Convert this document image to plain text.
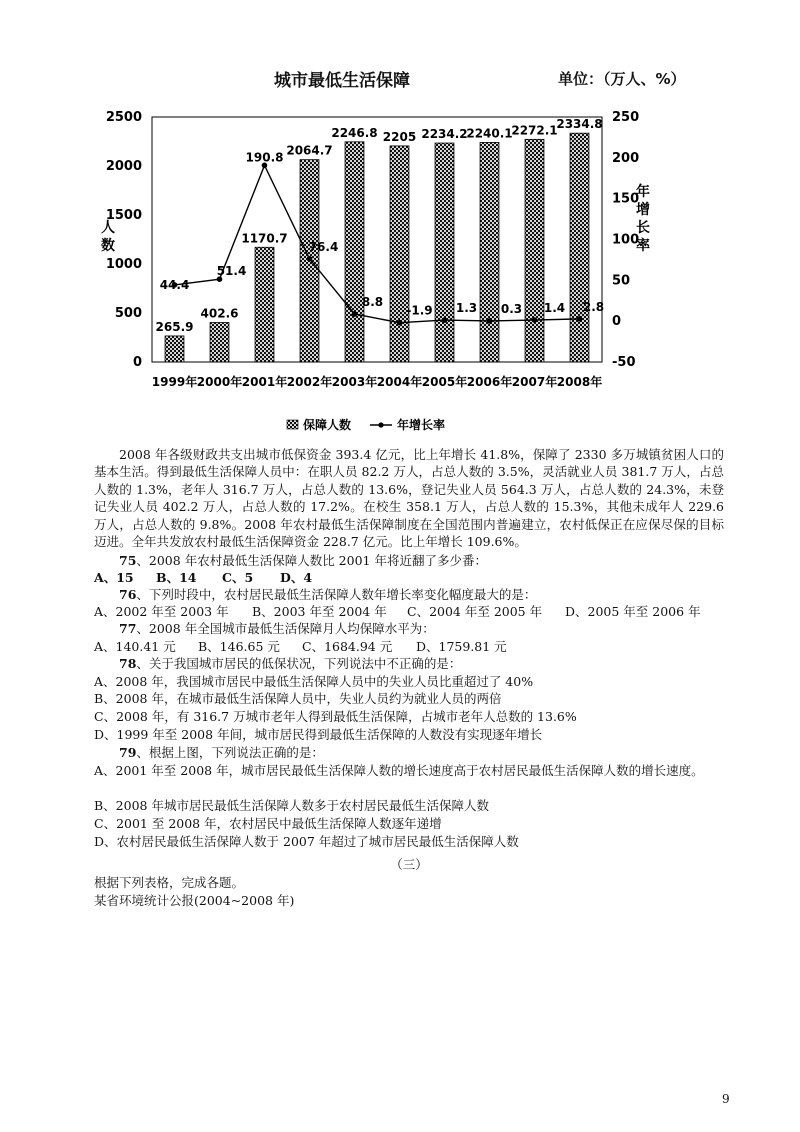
城市最低生活保障	单位：（万人、%）
265.9
402.6
1170.7
2064.7
2246.8 2205 2234.2
2240.1
2272.1
2334.8
44.4
51.4
190.8
76.4
8.8
-1.9 1.3 0.3 1.4 2.8
0
500
1000
1500
2000
2500
-50
0
50
100
150
200
250
1999年 2000年 2001年 2002年 2003年 2004年 2005年 2006年 2007年 2008年
人
数
年
增
长
率
保障人数	年增长率
2008 年各级财政共支出城市低保资金 393.4 亿元，比上年增长 41.8%，保障了 2330 多万城镇贫困人口的基本生活。得到最低生活保障人员中：在职人员 82.2 万人，占总人数的 3.5%，灵活就业人员 381.7 万人，占总人数的 1.3%，老年人 316.7 万人，占总人数的 13.6%，登记失业人员 564.3 万人，占总人数的 24.3%，未登记失业人员 402.2 万人，占总人数的 17.2%。在校生 358.1 万人，占总人数的 15.3%，其他未成年人 229.6 万人，占总人数的 9.8%。2008 年农村最低生活保障制度在全国范围内普遍建立，农村低保正在应保尽保的目标迈进。全年共发放农村最低生活保障资金 228.7 亿元。比上年增长 109.6%。
75、2008 年农村最低生活保障人数比 2001 年将近翻了多少番：
A、15 B、14 C、5 D、4
76、下列时段中，农村居民最低生活保障人数年增长率变化幅度最大的是：
A、2002 年至 2003 年 B、2003 年至 2004 年 C、2004 年至 2005 年 D、2005 年至 2006 年
77、2008 年全国城市最低生活保障月人均保障水平为：
A、140.41 元 B、146.65 元 C、1684.94 元 D、1759.81 元
78、关于我国城市居民的低保状况，下列说法中不正确的是：
A、2008 年，我国城市居民中最低生活保障人员中的失业人员比重超过了 40%
B、2008 年，在城市最低生活保障人员中，失业人员约为就业人员的两倍
C、2008 年，有 316.7 万城市老年人得到最低生活保障，占城市老年人总数的 13.6%
D、1999 年至 2008 年间，城市居民得到最低生活保障的人数没有实现逐年增长
79、根据上图，下列说法正确的是：
A、2001 年至 2008 年，城市居民最低生活保障人数的增长速度高于农村居民最低生活保障人数的增长速度。
B、2008 年城市居民最低生活保障人数多于农村居民最低生活保障人数
C、2001 至 2008 年，农村居民中最低生活保障人数逐年递增
D、农村居民最低生活保障人数于 2007 年超过了城市居民最低生活保障人数
（三）
根据下列表格，完成各题。
某省环境统计公报(2004~2008 年)
9
